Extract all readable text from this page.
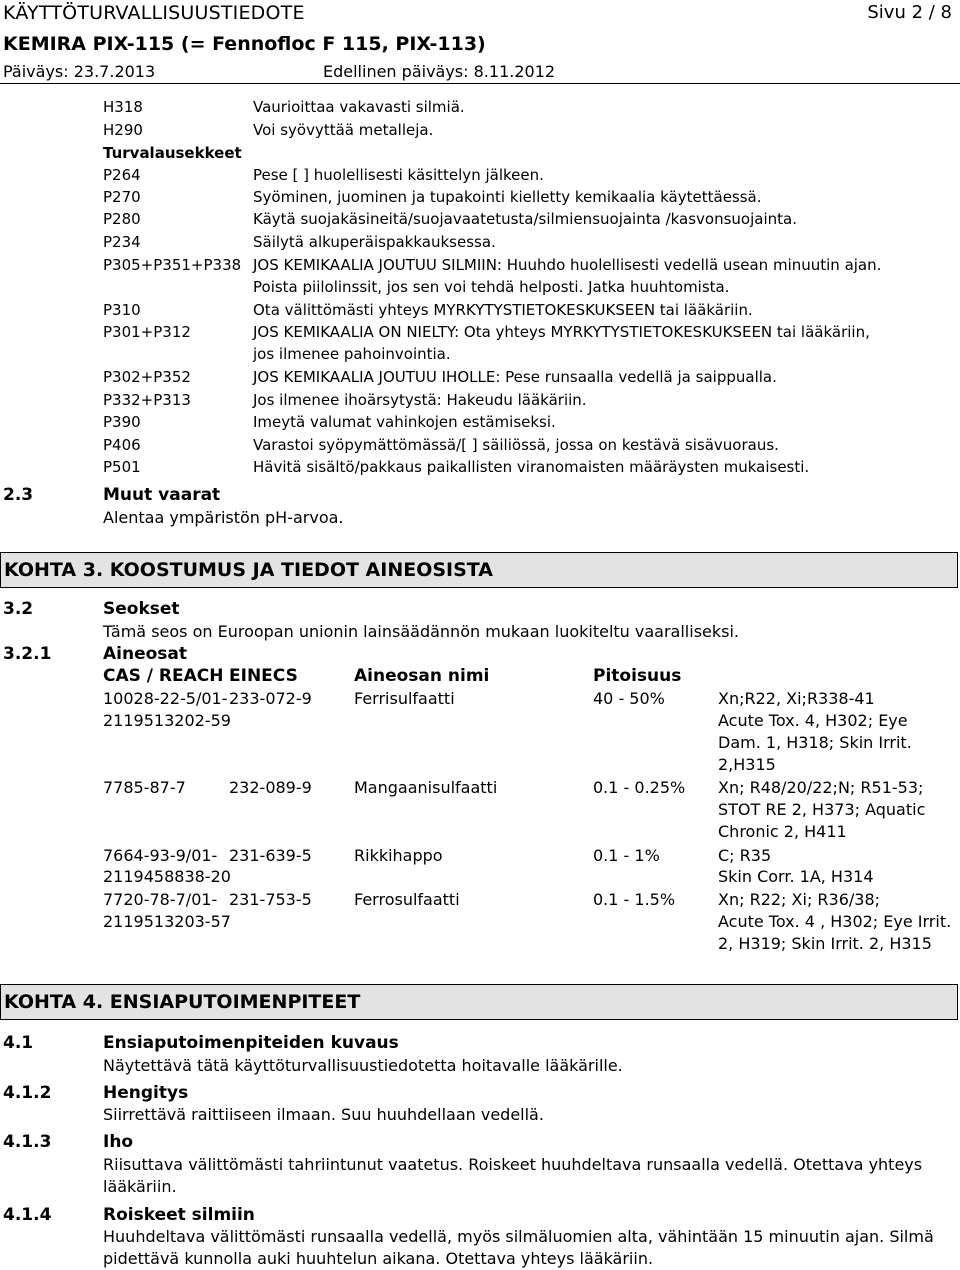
KÄYTTÖTURVALLISUUSTIEDOTE	Sivu 2 / 8
KEMIRA PIX-115 (= Fennofloc F 115, PIX-113)
Päiväys: 23.7.2013	Edellinen päiväys: 8.11.2012
H318	Vaurioittaa vakavasti silmiä.
H290	Voi syövyttää metalleja.
Turvalausekkeet
P264	Pese [ ] huolellisesti käsittelyn jälkeen.
P270	Syöminen, juominen ja tupakointi kielletty kemikaalia käytettäessä.
P280	Käytä suojakäsineitä/suojavaatetusta/silmiensuojainta /kasvonsuojainta.
P234	Säilytä alkuperäispakkauksessa.
P305+P351+P338 JOS KEMIKAALIA JOUTUU SILMIIN: Huuhdo huolellisesti vedellä usean minuutin ajan.
Poista piilolinssit, jos sen voi tehdä helposti. Jatka huuhtomista.
P310	Ota välittömästi yhteys MYRKYTYSTIETOKESKUKSEEN tai lääkäriin.
P301+P312	JOS KEMIKAALIA ON NIELTY: Ota yhteys MYRKYTYSTIETOKESKUKSEEN tai lääkäriin,
jos ilmenee pahoinvointia.
P302+P352	JOS KEMIKAALIA JOUTUU IHOLLE: Pese runsaalla vedellä ja saippualla.
P332+P313	Jos ilmenee ihoärsytystä: Hakeudu lääkäriin.
P390	Imeytä valumat vahinkojen estämiseksi.
P406	Varastoi syöpymättömässä/[ ] säiliössä, jossa on kestävä sisävuoraus.
P501	Hävitä sisältö/pakkaus paikallisten viranomaisten määräysten mukaisesti.
2.3	Muut vaarat
Alentaa ympäristön pH-arvoa.
KOHTA 3. KOOSTUMUS JA TIEDOT AINEOSISTA
3.2	Seokset
Tämä seos on Euroopan unionin lainsäädännön mukaan luokiteltu vaaralliseksi.
3.2.1	Aineosat
CAS / REACH EINECS	Aineosan nimi	Pitoisuus
10028-22-5/01- 233-072-9	Ferrisulfaatti	40 - 50%	Xn;R22, Xi;R338-41
2119513202-59	Acute Tox. 4, H302; Eye
Dam. 1, H318; Skin Irrit.
2,H315
7785-87-7	232-089-9	Mangaanisulfaatti	0.1 - 0.25% Xn; R48/20/22;N; R51-53;
STOT RE 2, H373; Aquatic
Chronic 2, H411
7664-93-9/01- 231-639-5	Rikkihappo	0.1 - 1%	C; R35
2119458838-20	Skin Corr. 1A, H314
7720-78-7/01- 231-753-5	Ferrosulfaatti	0.1 - 1.5%	Xn; R22; Xi; R36/38;
2119513203-57	Acute Tox. 4 , H302; Eye Irrit.
2, H319; Skin Irrit. 2, H315
KOHTA 4. ENSIAPUTOIMENPITEET
4.1	Ensiaputoimenpiteiden kuvaus
Näytettävä tätä käyttöturvallisuustiedotetta hoitavalle lääkärille.
4.1.2	Hengitys
Siirrettävä raittiiseen ilmaan. Suu huuhdellaan vedellä.
4.1.3	Iho
Riisuttava välittömästi tahriintunut vaatetus. Roiskeet huuhdeltava runsaalla vedellä. Otettava yhteys
lääkäriin.
4.1.4	Roiskeet silmiin
Huuhdeltava välittömästi runsaalla vedellä, myös silmäluomien alta, vähintään 15 minuutin ajan. Silmä
pidettävä kunnolla auki huuhtelun aikana. Otettava yhteys lääkäriin.
